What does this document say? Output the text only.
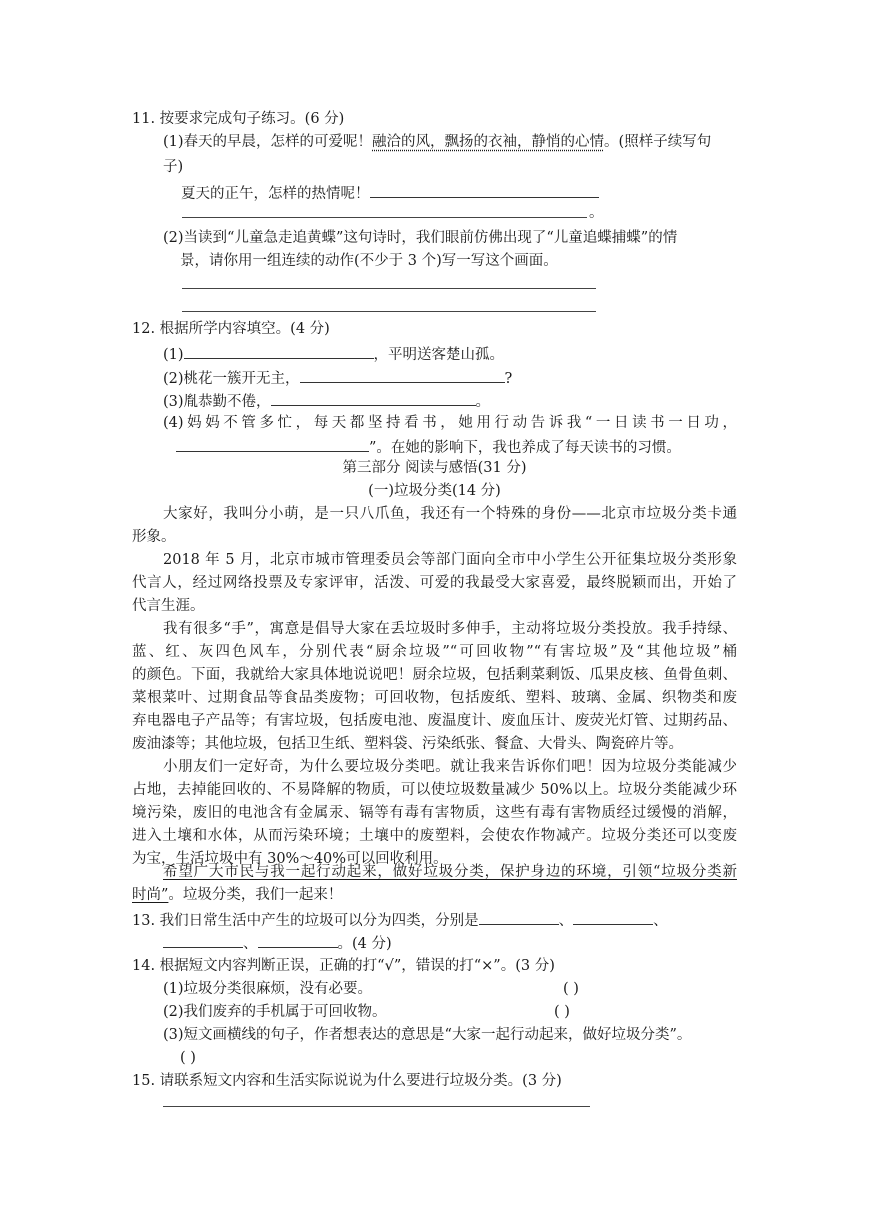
11. 按要求完成句子练习。(6 分)
(1)春天的早晨，怎样的可爱呢！融洽的风，飘扬的衣袖，静悄的心情。(照样子续写句
子)
夏天的正午，怎样的热情呢！
。
(2)当读到“儿童急走追黄蝶”这句诗时，我们眼前仿佛出现了“儿童追蝶捕蝶”的情
景，请你用一组连续的动作(不少于 3 个)写一写这个画面。
12. 根据所学内容填空。(4 分)
(1)	，平明送客楚山孤。
(2)桃花一簇开无主，	?
(3)胤恭勤不倦，	。
(4)妈妈不管多忙，每天都坚持看书，她用行动告诉我“一日读书一日功，
”。在她的影响下，我也养成了每天读书的习惯。
第三部分 阅读与感悟(31 分)
(一)垃圾分类(14 分)
大家好，我叫分小萌，是一只八爪鱼，我还有一个特殊的身份——北京市垃圾分类卡通
形象。
2018 年 5 月，北京市城市管理委员会等部门面向全市中小学生公开征集垃圾分类形象
代言人，经过网络投票及专家评审，活泼、可爱的我最受大家喜爱，最终脱颖而出，开始了
代言生涯。
我有很多“手”，寓意是倡导大家在丢垃圾时多伸手，主动将垃圾分类投放。我手持绿、
蓝、红、灰四色风车，分别代表“厨余垃圾”“可回收物”“有害垃圾”及“其他垃圾”桶
的颜色。下面，我就给大家具体地说说吧！厨余垃圾，包括剩菜剩饭、瓜果皮核、鱼骨鱼刺、
菜根菜叶、过期食品等食品类废物；可回收物，包括废纸、塑料、玻璃、金属、织物类和废
弃电器电子产品等；有害垃圾，包括废电池、废温度计、废血压计、废荧光灯管、过期药品、
废油漆等；其他垃圾，包括卫生纸、塑料袋、污染纸张、餐盒、大骨头、陶瓷碎片等。
小朋友们一定好奇，为什么要垃圾分类吧。就让我来告诉你们吧！因为垃圾分类能减少
占地，去掉能回收的、不易降解的物质，可以使垃圾数量减少 50%以上。垃圾分类能减少环
境污染，废旧的电池含有金属汞、镉等有毒有害物质，这些有毒有害物质经过缓慢的消解，
进入土壤和水体，从而污染环境；土壤中的废塑料，会使农作物减产。垃圾分类还可以变废
为宝，生活垃圾中有 30%～40%可以回收利用。
希望广大市民与我一起行动起来，做好垃圾分类，保护身边的环境，引领“垃圾分类新
时尚”。垃圾分类，我们一起来！
13. 我们日常生活中产生的垃圾可以分为四类，分别是	、	、
、	。(4 分)
14. 根据短文内容判断正误，正确的打“√”，错误的打“×”。(3 分)
(1)垃圾分类很麻烦，没有必要。	( )
(2)我们废弃的手机属于可回收物。	( )
(3)短文画横线的句子，作者想表达的意思是“大家一起行动起来，做好垃圾分类”。
( )
15. 请联系短文内容和生活实际说说为什么要进行垃圾分类。(3 分)
